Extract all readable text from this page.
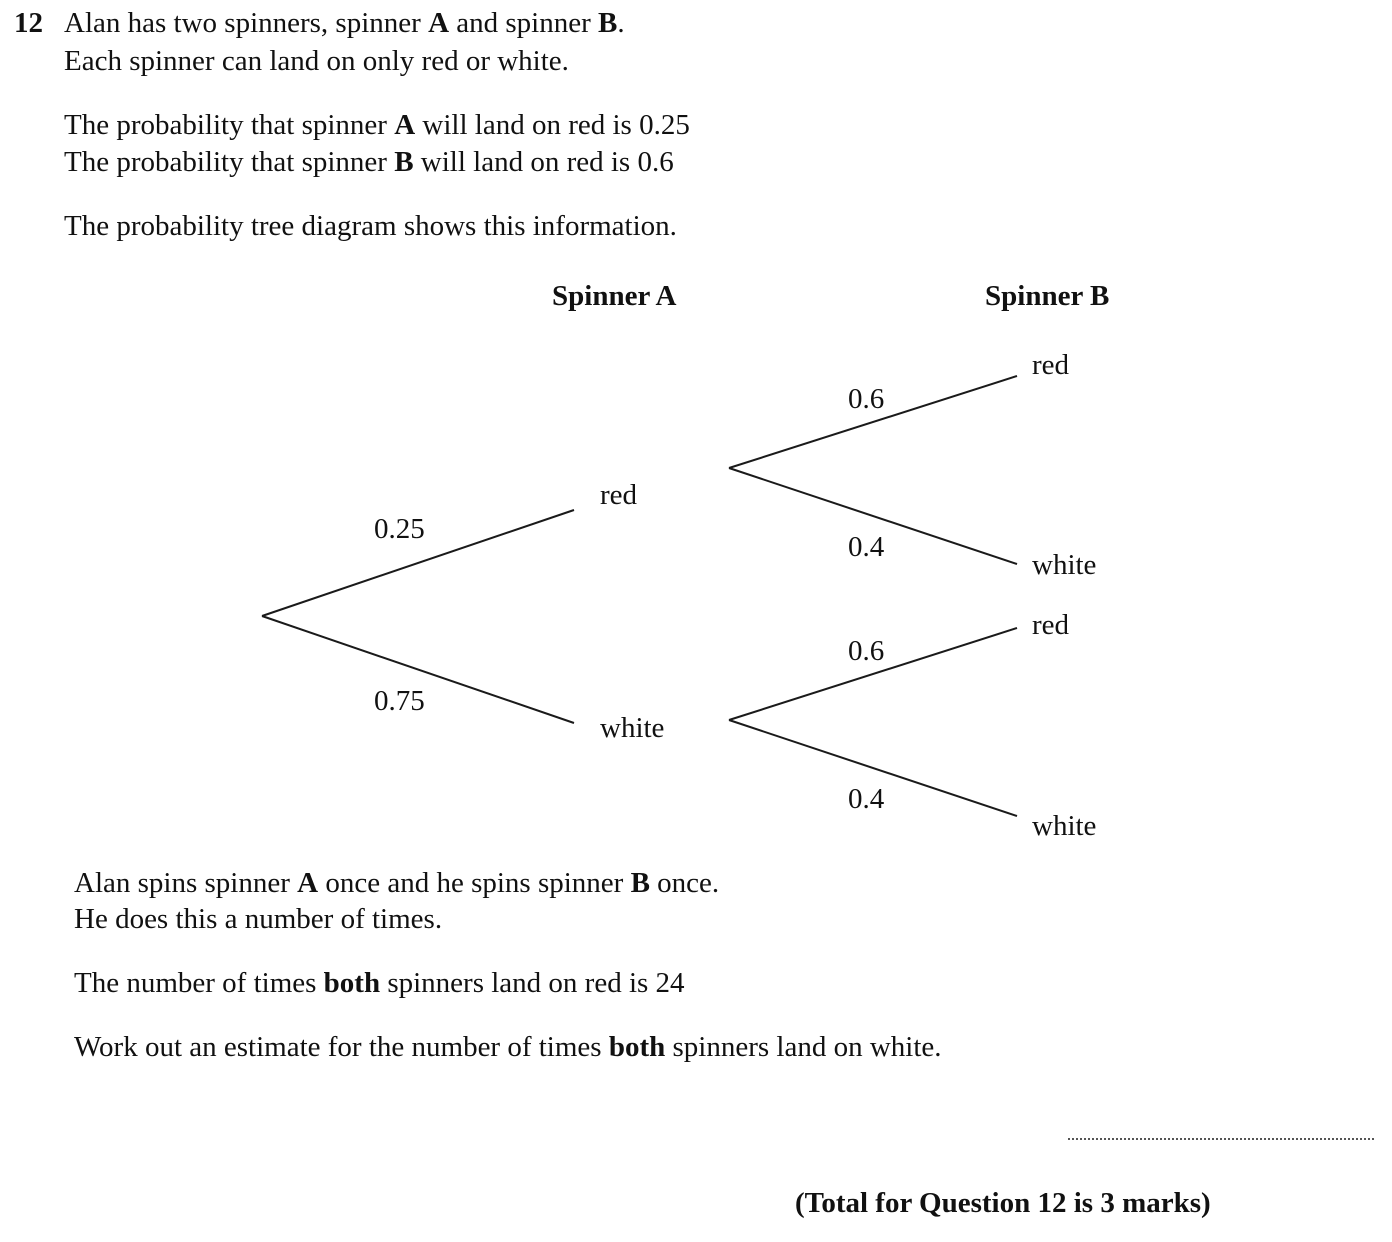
12 Alan has two spinners, spinner A and spinner B.

Each spinner can land on only red or white.

The probability that spinner A will land on red is 0.25

The probability that spinner B will land on red is 0.6

The probability tree diagram shows this information.

Spinner A	Spinner B
0.25
0.75
red
white
0.6
0.4
red
white
0.6
0.4
red
white

Alan spins spinner A once and he spins spinner B once.

He does this a number of times.

The number of times both spinners land on red is 24

Work out an estimate for the number of times both spinners land on white.

(Total for Question 12 is 3 marks)
